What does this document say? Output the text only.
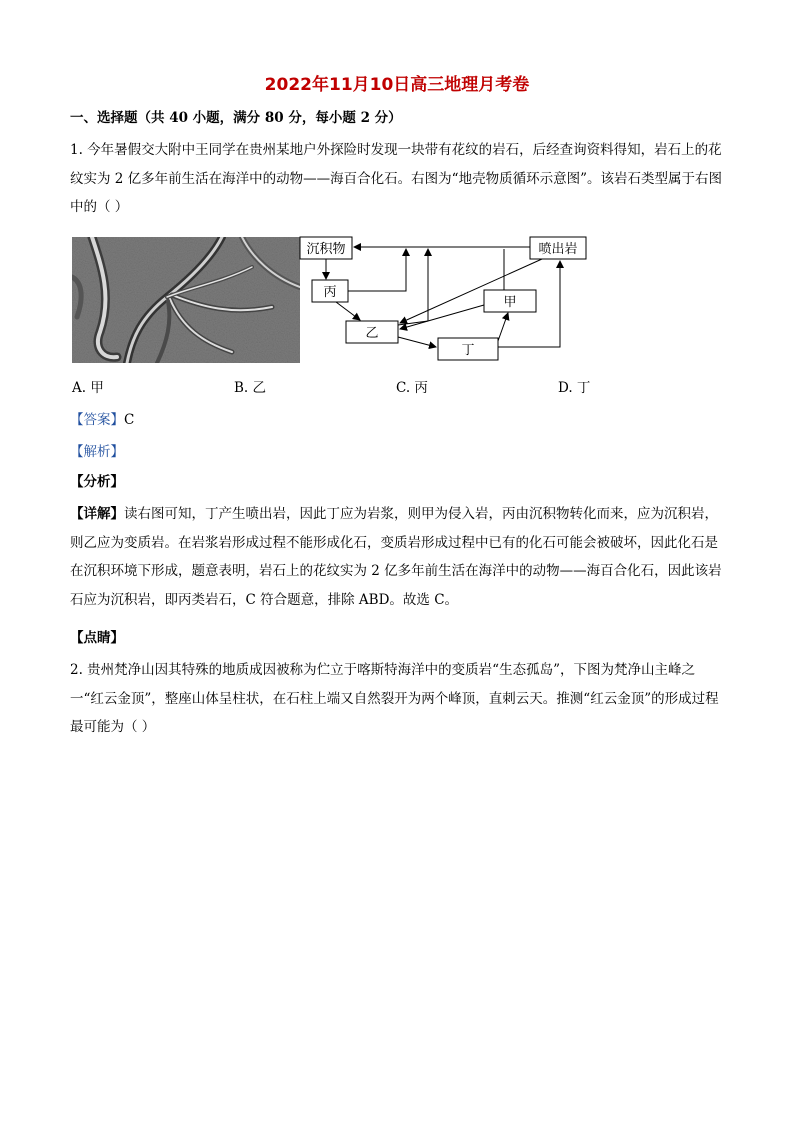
2022年11月10日高三地理月考卷
一、选择题（共 40 小题，满分 80 分，每小题 2 分）
1. 今年暑假交大附中王同学在贵州某地户外探险时发现一块带有花纹的岩石，后经查询资料得知，岩石上的花纹实为 2 亿多年前生活在海洋中的动物——海百合化石。右图为“地壳物质循环示意图”。该岩石类型属于右图中的（ ）
沉积物
丙
乙
丁
甲
喷出岩
A. 甲	B. 乙	C. 丙	D. 丁
【答案】C
【解析】
【分析】
【详解】读右图可知，丁产生喷出岩，因此丁应为岩浆，则甲为侵入岩，丙由沉积物转化而来，应为沉积岩，则乙应为变质岩。在岩浆岩形成过程不能形成化石，变质岩形成过程中已有的化石可能会被破坏，因此化石是在沉积环境下形成，题意表明，岩石上的花纹实为 2 亿多年前生活在海洋中的动物——海百合化石，因此该岩石应为沉积岩，即丙类岩石，C 符合题意，排除 ABD。故选 C。
【点睛】
2. 贵州梵净山因其特殊的地质成因被称为伫立于喀斯特海洋中的变质岩“生态孤岛”，下图为梵净山主峰之一“红云金顶”，整座山体呈柱状，在石柱上端又自然裂开为两个峰顶，直刺云天。推测“红云金顶”的形成过程最可能为（ ）
